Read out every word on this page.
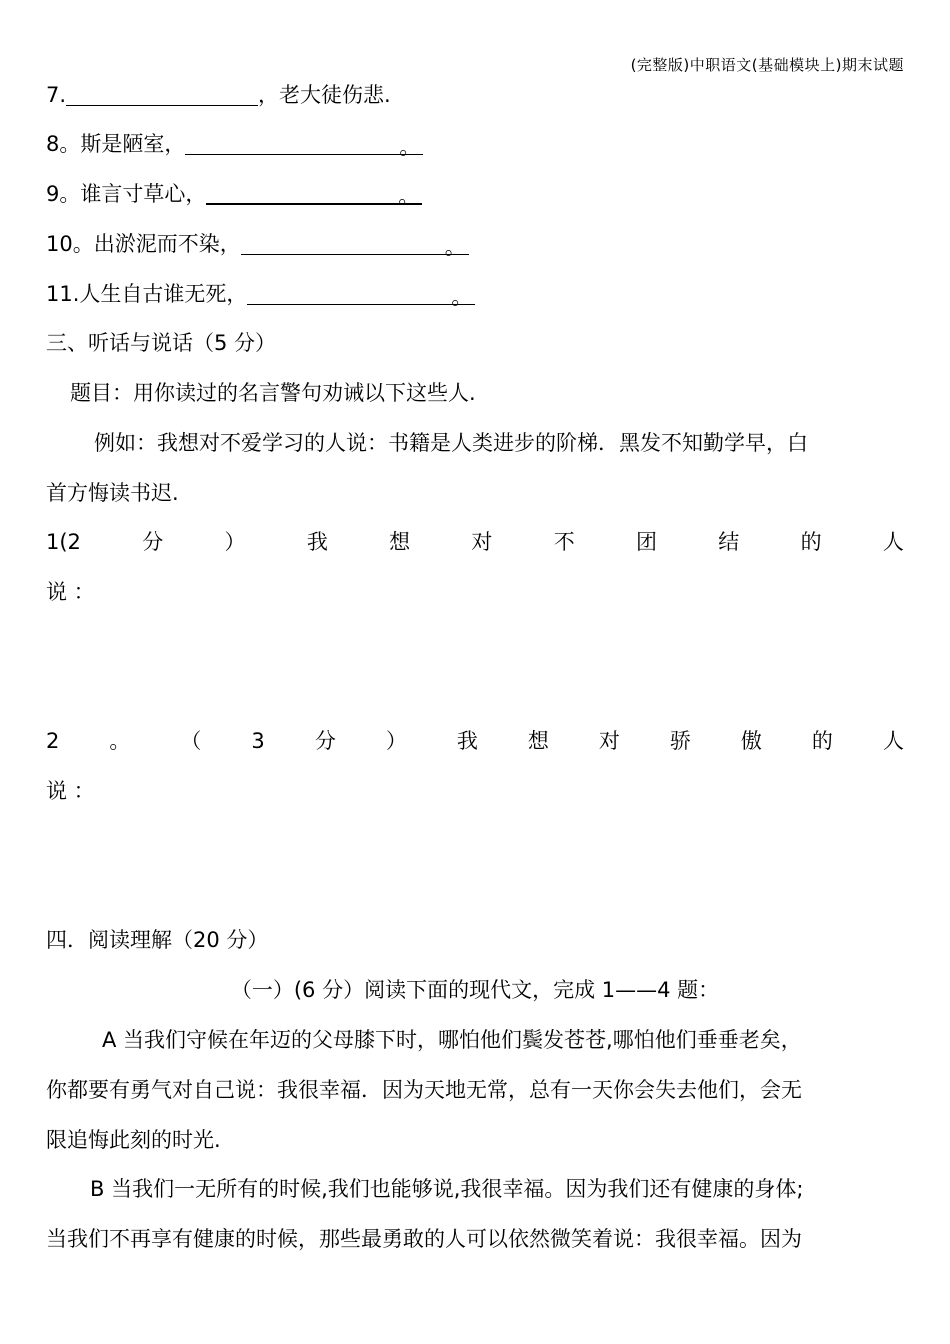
(完整版)中职语文(基础模块上)期末试题
7.	，老大徒伤悲.
8。斯是陋室，	。
9。谁言寸草心，	。
10。出淤泥而不染，	。
11.人生自古谁无死，	。
三、听话与说话（5 分）
题目：用你读过的名言警句劝诫以下这些人.
例如：我想对不爱学习的人说：书籍是人类进步的阶梯．黑发不知勤学早，白
首方悔读书迟.
1(2	分	）	我	想	对	不	团	结	的	人
说 ：
2 。 （ 3 分 ） 我 想 对 骄 傲 的 人
说 ：
四．阅读理解（20 分）
（一）(6 分）阅读下面的现代文，完成 1——4 题：
A 当我们守候在年迈的父母膝下时，哪怕他们鬓发苍苍,哪怕他们垂垂老矣，
你都要有勇气对自己说：我很幸福．因为天地无常，总有一天你会失去他们，会无
限追悔此刻的时光.
B 当我们一无所有的时候,我们也能够说,我很幸福。因为我们还有健康的身体;
当我们不再享有健康的时候，那些最勇敢的人可以依然微笑着说：我很幸福。因为
